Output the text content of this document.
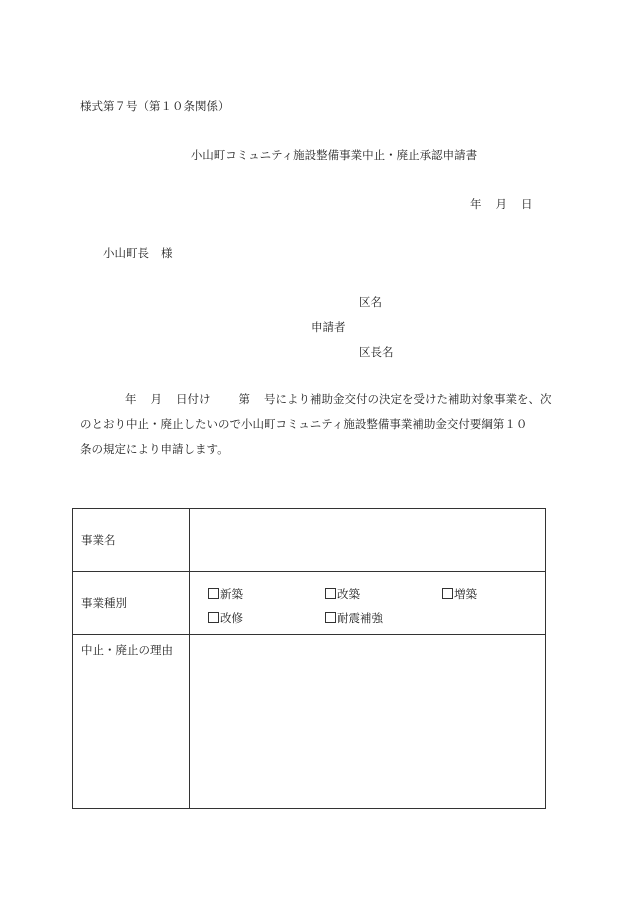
様式第７号（第１０条関係）
小山町コミュニティ施設整備事業中止・廃止承認申請書
年 月 日
小山町長 様
区名
申請者
区長名
年 月 日付け 第 号により補助金交付の決定を受けた補助対象事業を、次
のとおり中止・廃止したいので小山町コミュニティ施設整備事業補助金交付要綱第１０
条の規定により申請します。
事業名	
事業種別	新築 改築 増築
改修 耐震補強

中止・廃止の理由	
